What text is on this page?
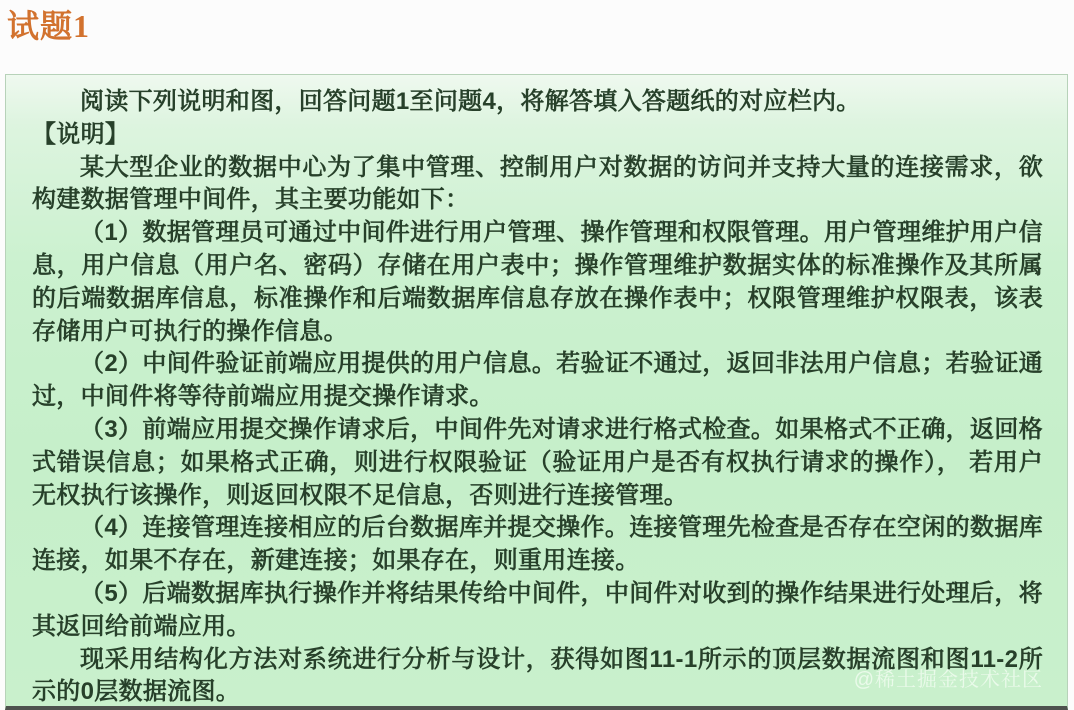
试题1

阅读下列说明和图，回答问题1至问题4，将解答填入答题纸的对应栏内。

【说明】

某大型企业的数据中心为了集中管理、控制用户对数据的访问并支持大量的连接需求，欲构建数据管理中间件，其主要功能如下：

（1）数据管理员可通过中间件进行用户管理、操作管理和权限管理。用户管理维护用户信息，用户信息（用户名、密码）存储在用户表中；操作管理维护数据实体的标准操作及其所属的后端数据库信息，标准操作和后端数据库信息存放在操作表中；权限管理维护权限表，该表存储用户可执行的操作信息。

（2）中间件验证前端应用提供的用户信息。若验证不通过，返回非法用户信息；若验证通过，中间件将等待前端应用提交操作请求。

（3）前端应用提交操作请求后，中间件先对请求进行格式检查。如果格式不正确，返回格式错误信息；如果格式正确，则进行权限验证（验证用户是否有权执行请求的操作）， 若用户无权执行该操作，则返回权限不足信息，否则进行连接管理。

（4）连接管理连接相应的后台数据库并提交操作。连接管理先检查是否存在空闲的数据库连接，如果不存在，新建连接；如果存在，则重用连接。

（5）后端数据库执行操作并将结果传给中间件，中间件对收到的操作结果进行处理后，将其返回给前端应用。

现采用结构化方法对系统进行分析与设计，获得如图11-1所示的顶层数据流图和图11-2所示的0层数据流图。	@稀土掘金技术社区
